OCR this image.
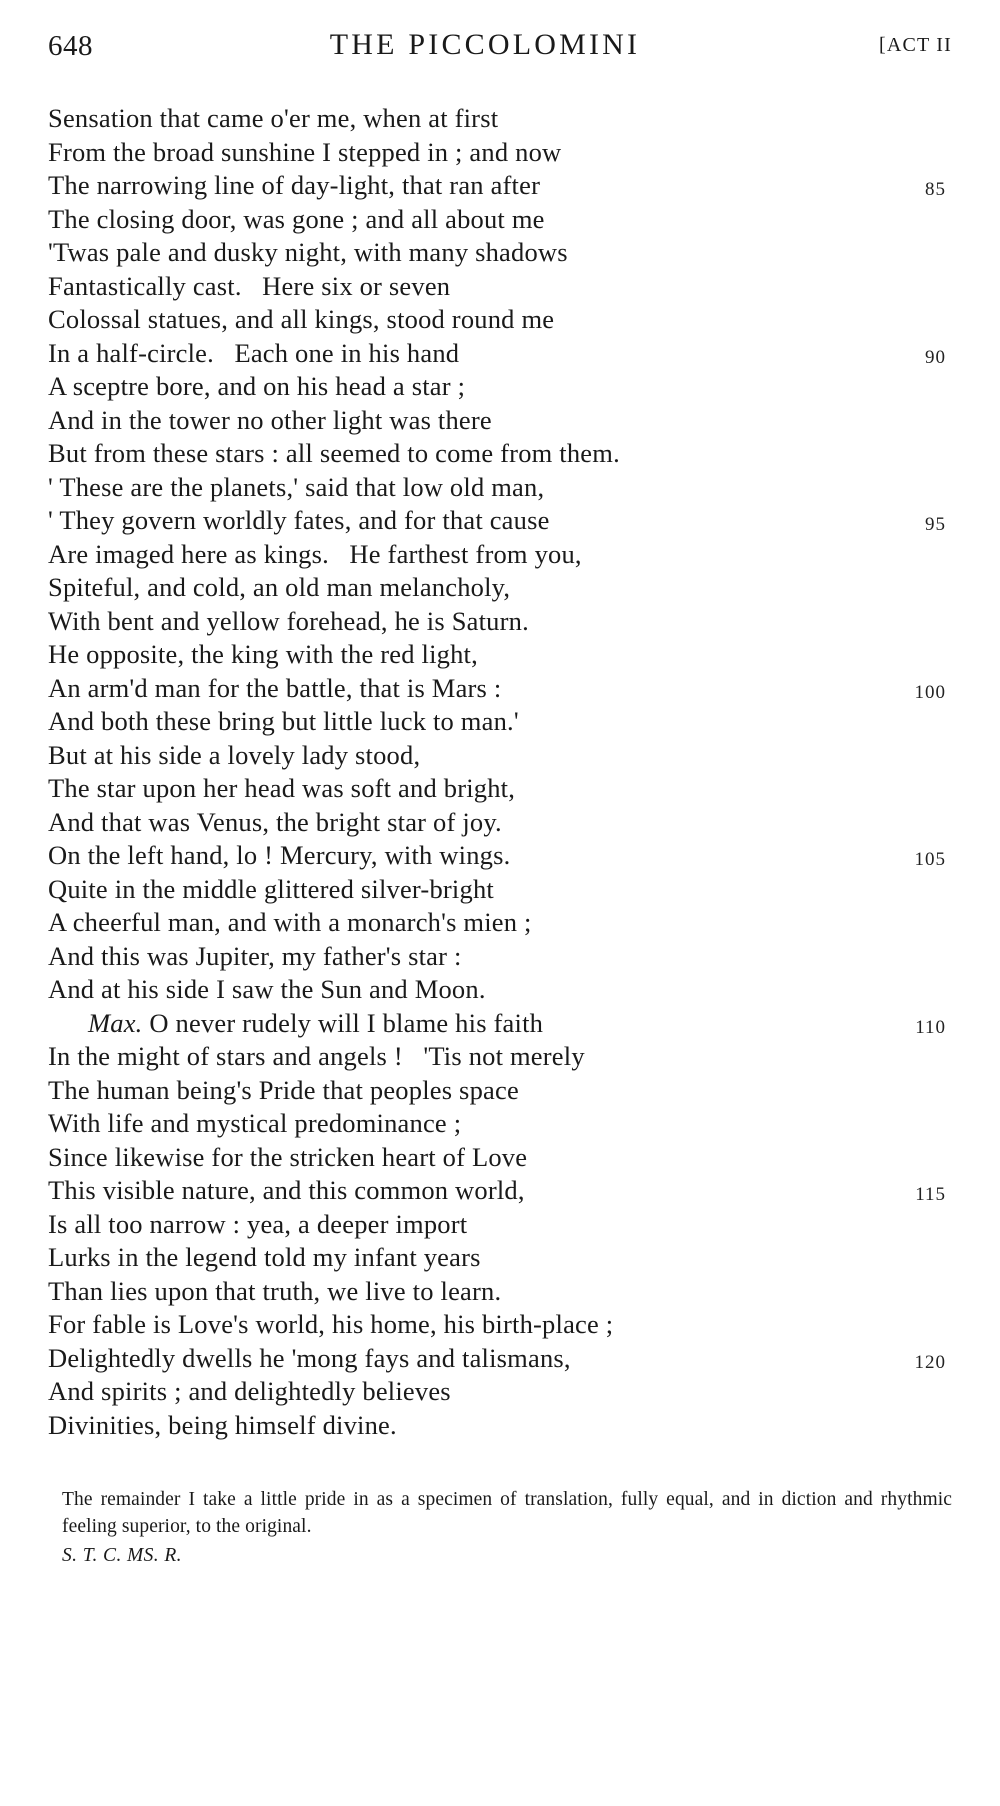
648	THE PICCOLOMINI	[ACT II
Sensation that came o'er me, when at first
From the broad sunshine I stepped in ; and now
The narrowing line of day-light, that ran after	85
The closing door, was gone ; and all about me
'Twas pale and dusky night, with many shadows
Fantastically cast.   Here six or seven
Colossal statues, and all kings, stood round me
In a half-circle.   Each one in his hand	90
A sceptre bore, and on his head a star ;
And in the tower no other light was there
But from these stars : all seemed to come from them.
' These are the planets,' said that low old man,
' They govern worldly fates, and for that cause	95
Are imaged here as kings.   He farthest from you,
Spiteful, and cold, an old man melancholy,
With bent and yellow forehead, he is Saturn.
He opposite, the king with the red light,
An arm'd man for the battle, that is Mars :	100
And both these bring but little luck to man.'
But at his side a lovely lady stood,
The star upon her head was soft and bright,
And that was Venus, the bright star of joy.
On the left hand, lo ! Mercury, with wings.	105
Quite in the middle glittered silver-bright
A cheerful man, and with a monarch's mien ;
And this was Jupiter, my father's star :
And at his side I saw the Sun and Moon.
Max. O never rudely will I blame his faith	110
In the might of stars and angels !   'Tis not merely
The human being's Pride that peoples space
With life and mystical predominance ;
Since likewise for the stricken heart of Love
This visible nature, and this common world,	115
Is all too narrow : yea, a deeper import
Lurks in the legend told my infant years
Than lies upon that truth, we live to learn.
For fable is Love's world, his home, his birth-place ;
Delightedly dwells he 'mong fays and talismans,	120
And spirits ; and delightedly believes
Divinities, being himself divine.
The remainder I take a little pride in as a specimen of translation, fully equal, and in diction and rhythmic feeling superior, to the original.
S. T. C. MS. R.
